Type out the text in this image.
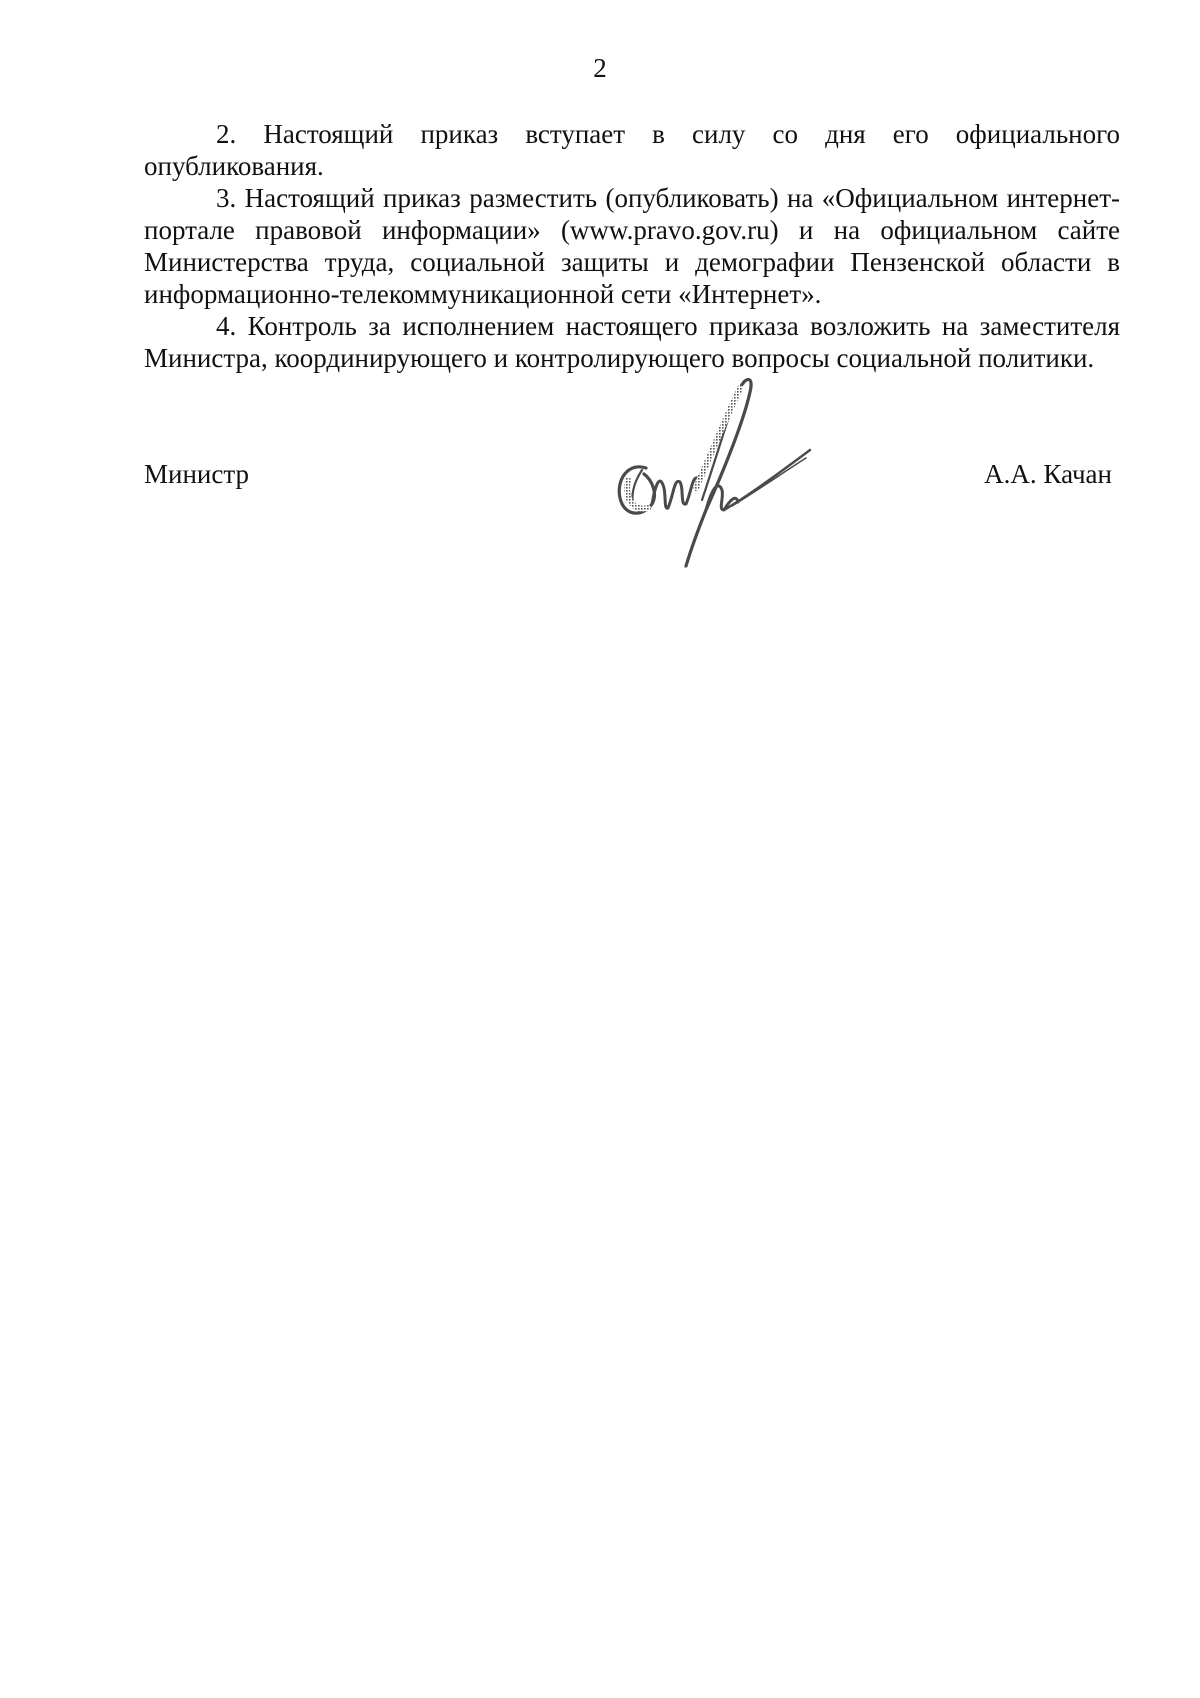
2

2. Настоящий приказ вступает в силу со дня его официального опубликования.

3. Настоящий приказ разместить (опубликовать) на «Официальном интернет-портале правовой информации» (www.pravo.gov.ru) и на официальном сайте Министерства труда, социальной защиты и демографии Пензенской области в информационно-телекоммуникационной сети «Интернет».

4. Контроль за исполнением настоящего приказа возложить на заместителя Министра, координирующего и контролирующего вопросы социальной политики.

Министр	А.А. Качан
